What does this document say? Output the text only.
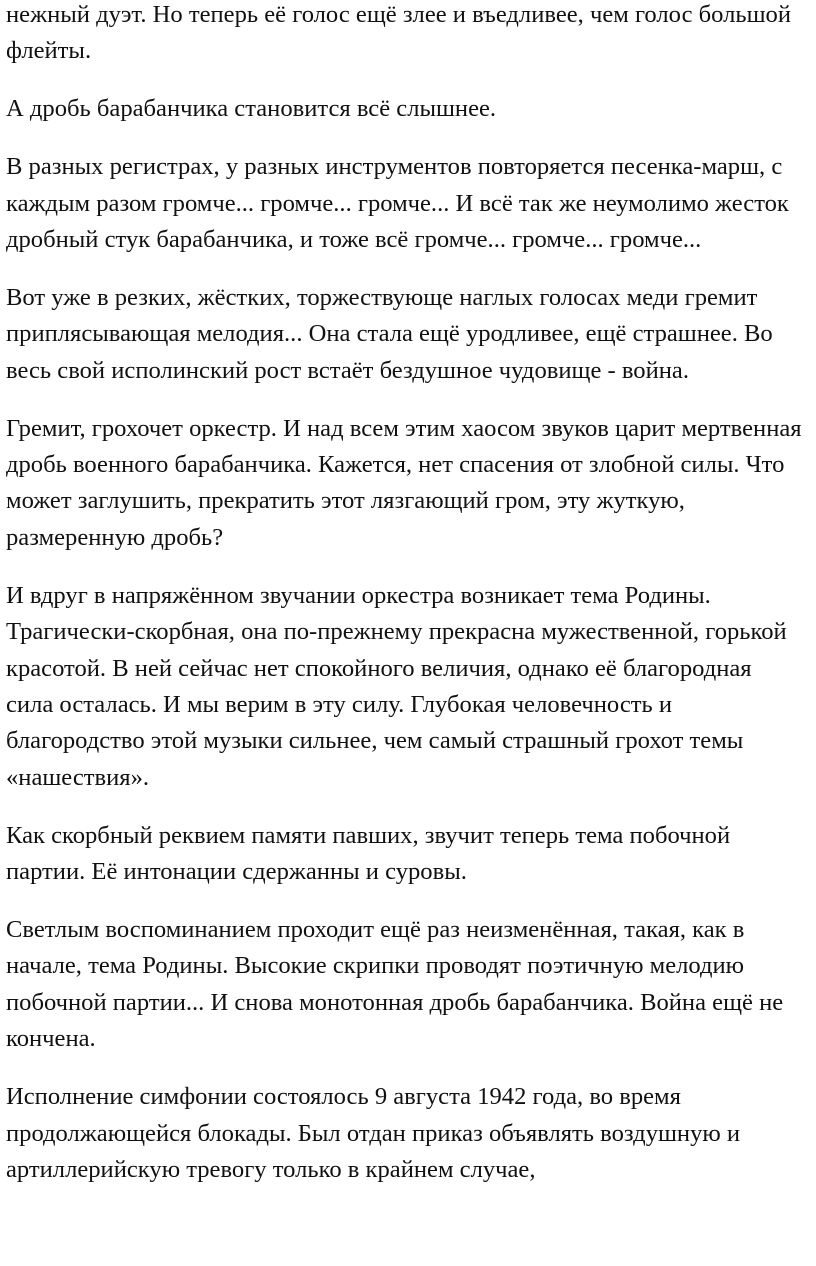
нежный дуэт. Но теперь её голос ещё злее и въедливее, чем голос большой флейты.

А дробь барабанчика становится всё слышнее.

В разных регистрах, у разных инструментов повторяется песенка-марш, с каждым разом громче... громче... громче... И всё так же неумолимо жесток дробный стук барабанчика, и тоже всё громче... громче... громче...

Вот уже в резких, жёстких, торжествующе наглых голосах меди гремит приплясывающая мелодия... Она стала ещё уродливее, ещё страшнее. Во весь свой исполинский рост встаёт бездушное чудовище - война.

Гремит, грохочет оркестр. И над всем этим хаосом звуков царит мертвенная дробь военного барабанчика. Кажется, нет спасения от злобной силы. Что может заглушить, прекратить этот лязгающий гром, эту жуткую, размеренную дробь?

И вдруг в напряжённом звучании оркестра возникает тема Родины. Трагически-скорбная, она по-прежнему прекрасна мужественной, горькой красотой. В ней сейчас нет спокойного величия, однако её благородная сила осталась. И мы верим в эту силу. Глубокая человечность и благородство этой музыки сильнее, чем самый страшный грохот темы «нашествия».

Как скорбный реквием памяти павших, звучит теперь тема побочной партии. Её интонации сдержанны и суровы.

Светлым воспоминанием проходит ещё раз неизменённая, такая, как в начале, тема Родины. Высокие скрипки проводят поэтичную мелодию побочной партии... И снова монотонная дробь барабанчика. Война ещё не кончена.

Исполнение симфонии состоялось 9 августа 1942 года, во время продолжающейся блокады. Был отдан приказ объявлять воздушную и артиллерийскую тревогу только в крайнем случае,
